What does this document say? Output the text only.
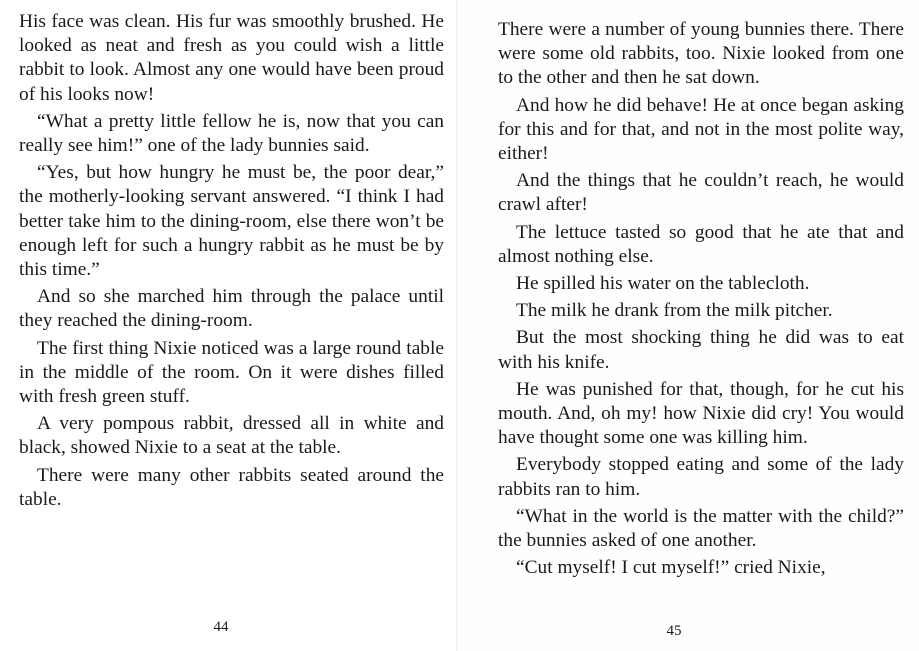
His face was clean. His fur was smoothly brushed. He looked as neat and fresh as you could wish a little rabbit to look. Almost any one would have been proud of his looks now!

“What a pretty little fellow he is, now that you can really see him!” one of the lady bunnies said.

“Yes, but how hungry he must be, the poor dear,” the motherly-looking servant answered. “I think I had better take him to the dining-room, else there won’t be enough left for such a hungry rabbit as he must be by this time.”

And so she marched him through the palace until they reached the dining-room.

The first thing Nixie noticed was a large round table in the middle of the room. On it were dishes filled with fresh green stuff.

A very pompous rabbit, dressed all in white and black, showed Nixie to a seat at the table.

There were many other rabbits seated around the table.

There were a number of young bunnies there. There were some old rabbits, too. Nixie looked from one to the other and then he sat down.

And how he did behave! He at once began asking for this and for that, and not in the most polite way, either!

And the things that he couldn’t reach, he would crawl after!

The lettuce tasted so good that he ate that and almost nothing else.

He spilled his water on the tablecloth.

The milk he drank from the milk pitcher.

But the most shocking thing he did was to eat with his knife.

He was punished for that, though, for he cut his mouth. And, oh my! how Nixie did cry! You would have thought some one was killing him.

Everybody stopped eating and some of the lady rabbits ran to him.

“What in the world is the matter with the child?” the bunnies asked of one another.

“Cut myself! I cut myself!” cried Nixie,

44	45
